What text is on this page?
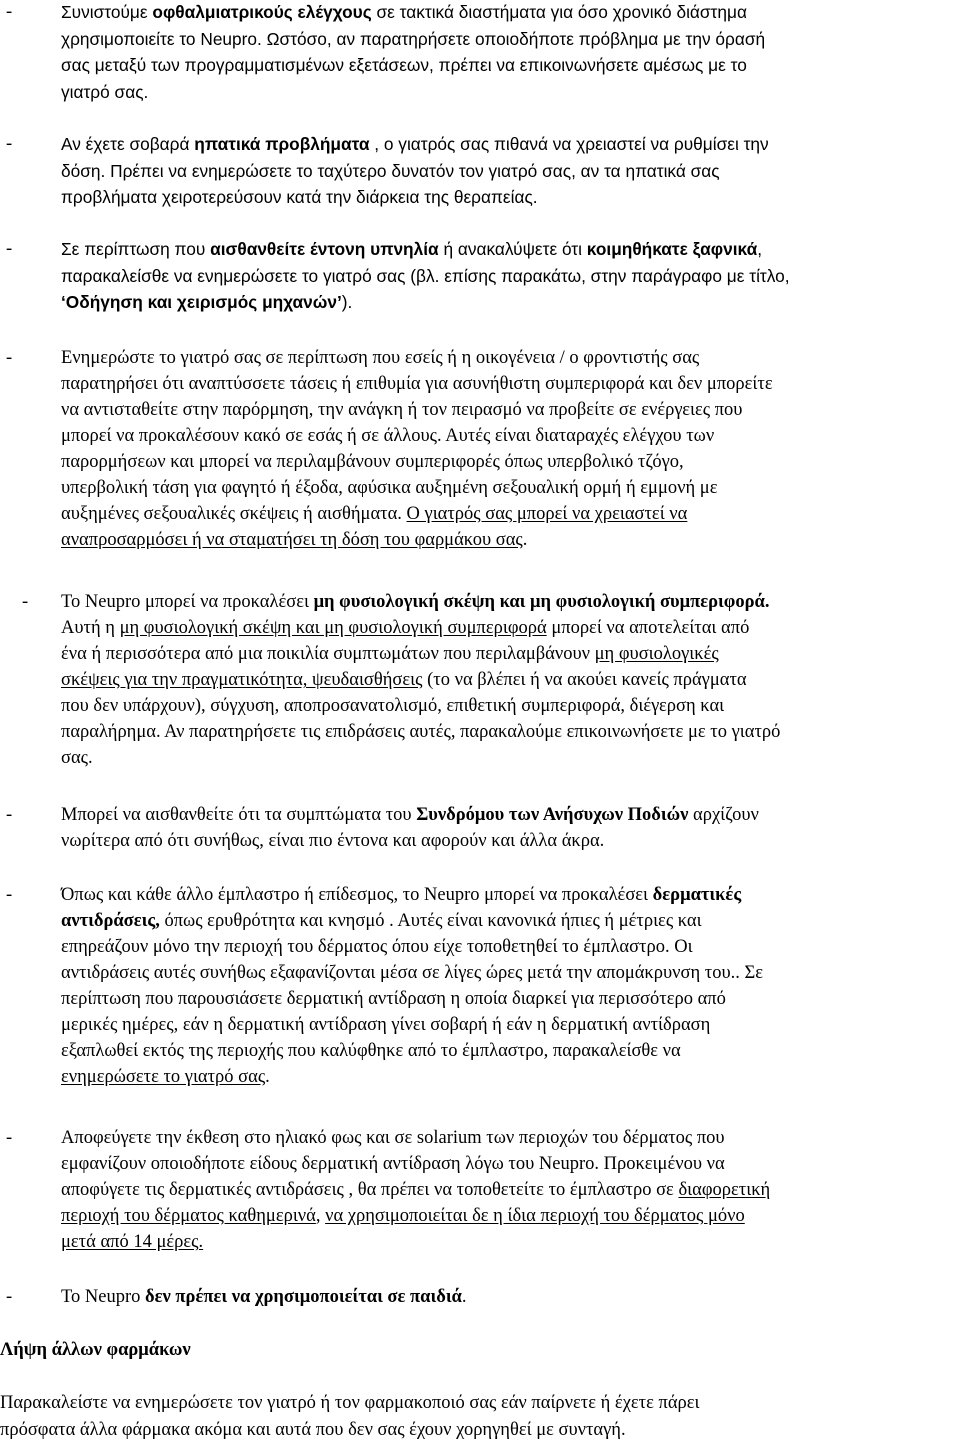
-	Συνιστούμε οφθαλμιατρικούς ελέγχους σε τακτικά διαστήματα για όσο χρονικό διάστημα
χρησιμοποιείτε το Neupro. Ωστόσο, αν παρατηρήσετε οποιοδήποτε πρόβλημα με την όρασή
σας μεταξύ των προγραμματισμένων εξετάσεων, πρέπει να επικοινωνήσετε αμέσως με το
γιατρό σας.
-	Αν έχετε σοβαρά ηπατικά προβλήματα , ο γιατρός σας πιθανά να χρειαστεί να ρυθμίσει την
δόση. Πρέπει να ενημερώσετε το ταχύτερο δυνατόν τον γιατρό σας, αν τα ηπατικά σας
προβλήματα χειροτερεύσουν κατά την διάρκεια της θεραπείας.
-	Σε περίπτωση που αισθανθείτε έντονη υπνηλία ή ανακαλύψετε ότι κοιμηθήκατε ξαφνικά,
παρακαλείσθε να ενημερώσετε το γιατρό σας (βλ. επίσης παρακάτω, στην παράγραφο με τίτλο,
‘Οδήγηση και χειρισμός μηχανών’).
-	Ενημερώστε το γιατρό σας σε περίπτωση που εσείς ή η οικογένεια / ο φροντιστής σας
παρατηρήσει ότι αναπτύσσετε τάσεις ή επιθυμία για ασυνήθιστη συμπεριφορά και δεν μπορείτε
να αντισταθείτε στην παρόρμηση, την ανάγκη ή τον πειρασμό να προβείτε σε ενέργειες που
μπορεί να προκαλέσουν κακό σε εσάς ή σε άλλους. Αυτές είναι διαταραχές ελέγχου των
παρορμήσεων και μπορεί να περιλαμβάνουν συμπεριφορές όπως υπερβολικό τζόγο,
υπερβολική τάση για φαγητό ή έξοδα, αφύσικα αυξημένη σεξουαλική ορμή ή εμμονή με
αυξημένες σεξουαλικές σκέψεις ή αισθήματα. Ο γιατρός σας μπορεί να χρειαστεί να
αναπροσαρμόσει ή να σταματήσει τη δόση του φαρμάκου σας.
- Το Neupro μπορεί να προκαλέσει μη φυσιολογική σκέψη και μη φυσιολογική συμπεριφορά.
Αυτή η μη φυσιολογική σκέψη και μη φυσιολογική συμπεριφορά μπορεί να αποτελείται από
ένα ή περισσότερα από μια ποικιλία συμπτωμάτων που περιλαμβάνουν μη φυσιολογικές
σκέψεις για την πραγματικότητα, ψευδαισθήσεις (το να βλέπει ή να ακούει κανείς πράγματα
που δεν υπάρχουν), σύγχυση, αποπροσανατολισμό, επιθετική συμπεριφορά, διέγερση και
παραλήρημα. Αν παρατηρήσετε τις επιδράσεις αυτές, παρακαλούμε επικοινωνήσετε με το γιατρό
σας.
-	Μπορεί να αισθανθείτε ότι τα συμπτώματα του Συνδρόμου των Ανήσυχων Ποδιών αρχίζουν
νωρίτερα από ότι συνήθως, είναι πιο έντονα και αφορούν και άλλα άκρα.
-	Όπως και κάθε άλλο έμπλαστρο ή επίδεσμος, το Neupro μπορεί να προκαλέσει δερματικές
αντιδράσεις, όπως ερυθρότητα και κνησμό . Αυτές είναι κανονικά ήπιες ή μέτριες και
επηρεάζουν μόνο την περιοχή του δέρματος όπου είχε τοποθετηθεί το έμπλαστρο. Οι
αντιδράσεις αυτές συνήθως εξαφανίζονται μέσα σε λίγες ώρες μετά την απομάκρυνση του.. Σε
περίπτωση που παρουσιάσετε δερματική αντίδραση η οποία διαρκεί για περισσότερο από
μερικές ημέρες, εάν η δερματική αντίδραση γίνει σοβαρή ή εάν η δερματική αντίδραση
εξαπλωθεί εκτός της περιοχής που καλύφθηκε από το έμπλαστρο, παρακαλείσθε να
ενημερώσετε το γιατρό σας.
-	Αποφεύγετε την έκθεση στο ηλιακό φως και σε solarium των περιοχών του δέρματος που
εμφανίζουν οποιοδήποτε είδους δερματική αντίδραση λόγω του Neupro. Προκειμένου να
αποφύγετε τις δερματικές αντιδράσεις , θα πρέπει να τοποθετείτε το έμπλαστρο σε διαφορετική
περιοχή του δέρματος καθημερινά, να χρησιμοποιείται δε η ίδια περιοχή του δέρματος μόνο
μετά από 14 μέρες.
-	Το Neupro δεν πρέπει να χρησιμοποιείται σε παιδιά.
Λήψη άλλων φαρμάκων
Παρακαλείστε να ενημερώσετε τον γιατρό ή τον φαρμακοποιό σας εάν παίρνετε ή έχετε πάρει
πρόσφατα άλλα φάρμακα ακόμα και αυτά που δεν σας έχουν χορηγηθεί με συνταγή.
